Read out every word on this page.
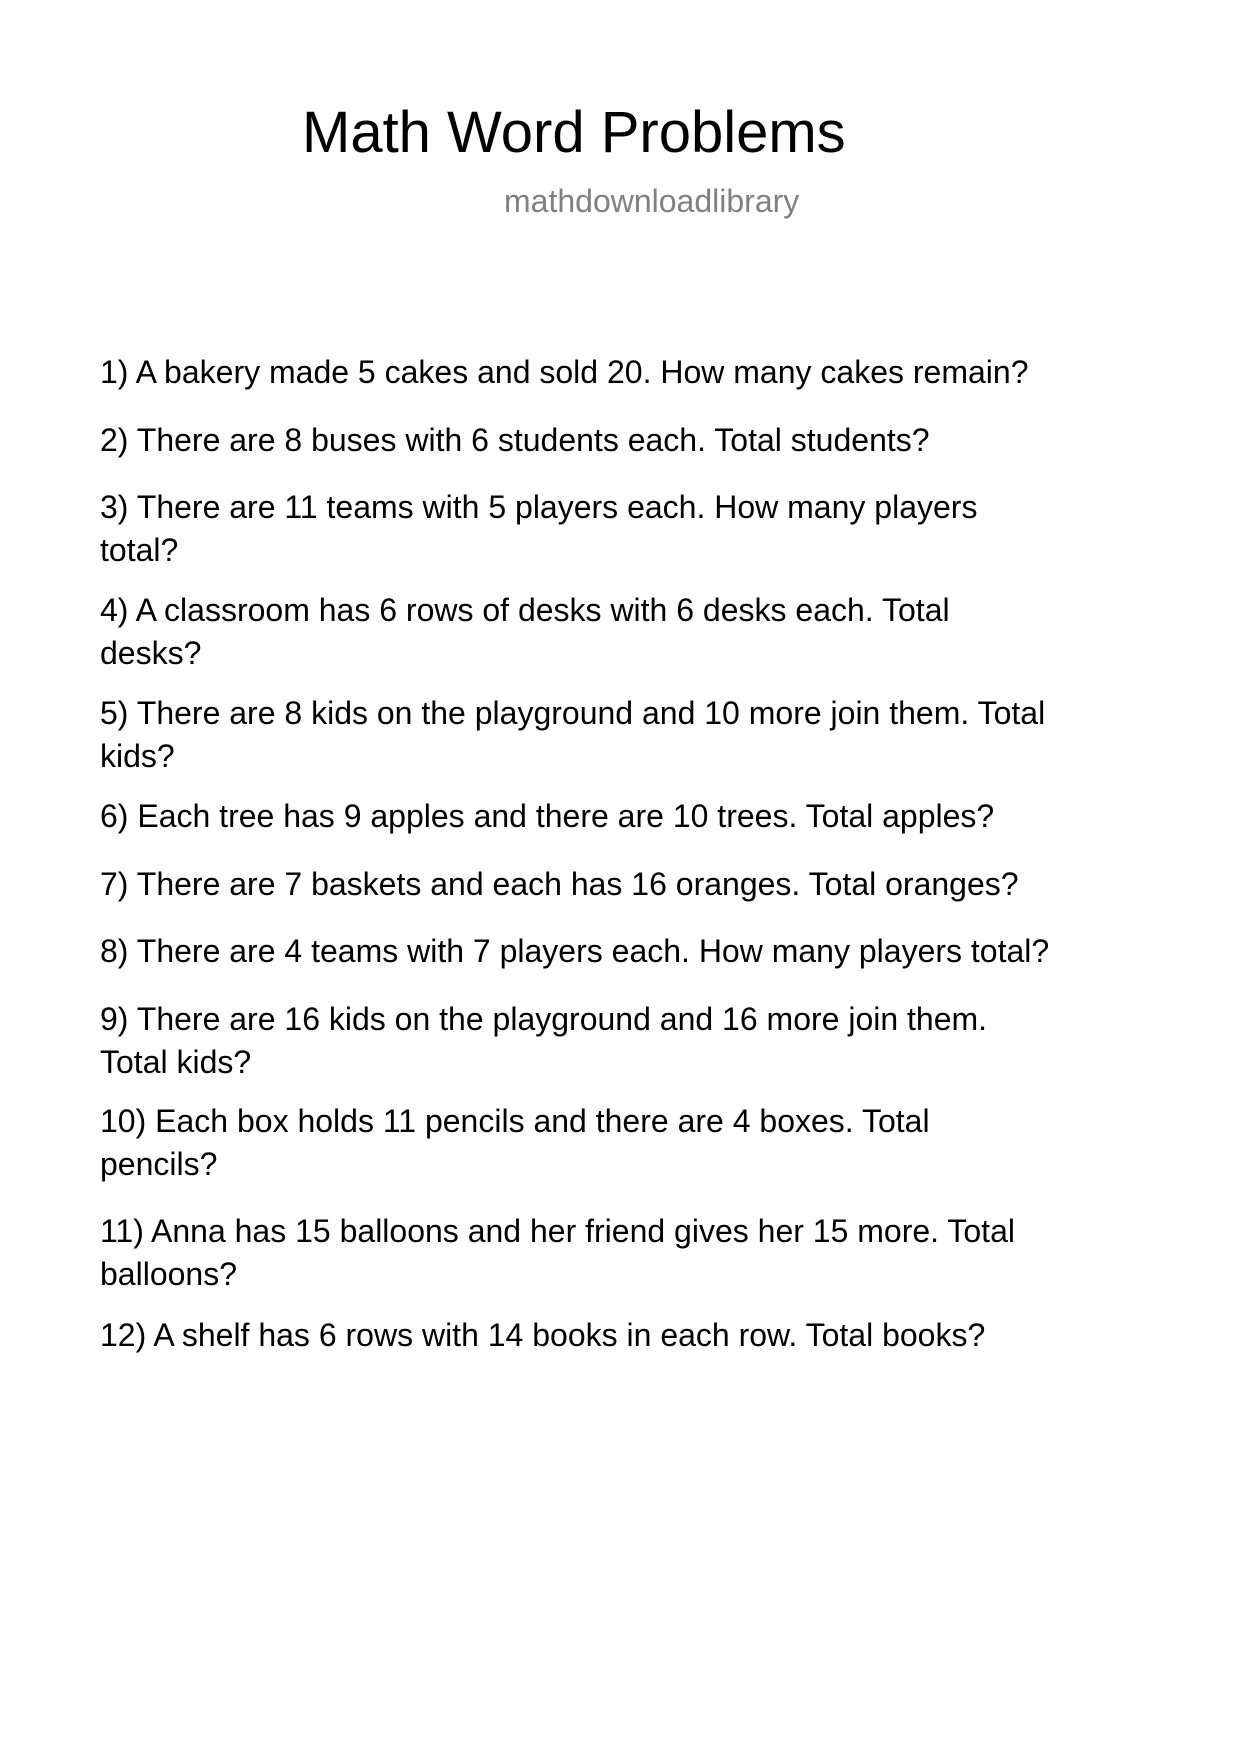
Math Word Problems
mathdownloadlibrary
1) A bakery made 5 cakes and sold 20. How many cakes remain?
2) There are 8 buses with 6 students each. Total students?
3) There are 11 teams with 5 players each. How many players
total?
4) A classroom has 6 rows of desks with 6 desks each. Total
desks?
5) There are 8 kids on the playground and 10 more join them. Total
kids?
6) Each tree has 9 apples and there are 10 trees. Total apples?
7) There are 7 baskets and each has 16 oranges. Total oranges?
8) There are 4 teams with 7 players each. How many players total?
9) There are 16 kids on the playground and 16 more join them.
Total kids?
10) Each box holds 11 pencils and there are 4 boxes. Total
pencils?
11) Anna has 15 balloons and her friend gives her 15 more. Total
balloons?
12) A shelf has 6 rows with 14 books in each row. Total books?
